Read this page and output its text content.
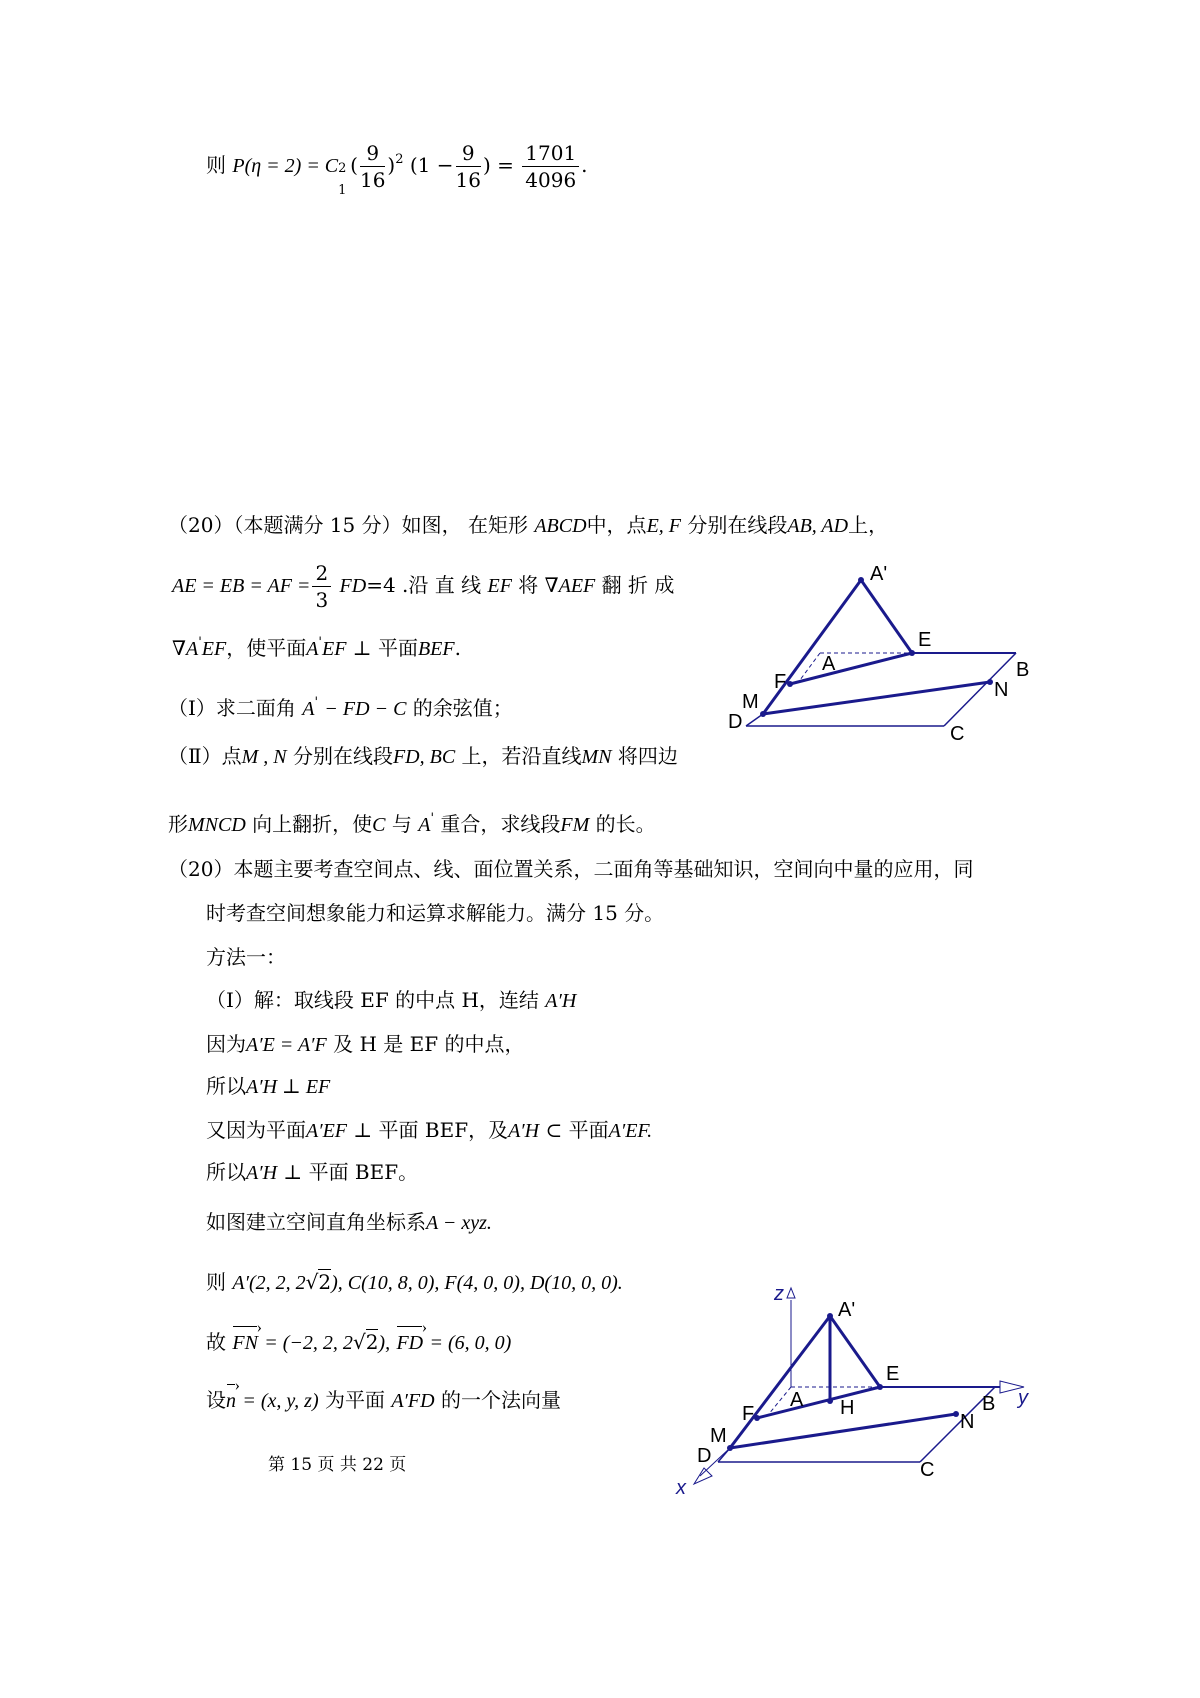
则 P(η = 2) = C 2
1
( $\frac{9}{16} )^2$ ($1 - \frac{9}{16}$ ) = $\frac{1701}{4096}$ .
（20）（本题满分 15 分）如图， 在矩形 ABCD中，点E, F 分别在线段AB, AD上，
AE = EB = AF = $\frac{2}{3} FD=4$ .沿 直 线 EF 将 ∇AEF 翻 折 成
∇A'EF，使平面A'EF ⊥ 平面BEF.
（Ⅰ）求二面角 A' − FD − C 的余弦值；
（Ⅱ）点M , N 分别在线段FD, BC 上，若沿直线MN 将四边
形MNCD 向上翻折，使C 与 A' 重合，求线段FM 的长。
（20）本题主要考查空间点、线、面位置关系，二面角等基础知识，空间向中量的应用，同
时考查空间想象能力和运算求解能力。满分 15 分。
方法一：
（Ⅰ）解：取线段 EF 的中点 H，连结 A′H
因为A′E = A′F 及 H 是 EF 的中点，
所以A′H ⊥ EF
又因为平面A′EF ⊥ 平面 BEF，及A′H ⊂ 平面A′EF.
所以A′H ⊥ 平面 BEF。
如图建立空间直角坐标系A − xyz.
则 A′(2, 2, 2√2), C(10, 8, 0), F(4, 0, 0), D(10, 0, 0).
故 FN › = (−2, 2, 2√2), FD › = (6, 0, 0)
设n › = (x, y, z) 为平面 A′FD 的一个法向量
第 15 页 共 22 页
A'
E
A	B
F	N
M
D
C
z
A'
E
A H	B y
F	N
M
D
C
x
